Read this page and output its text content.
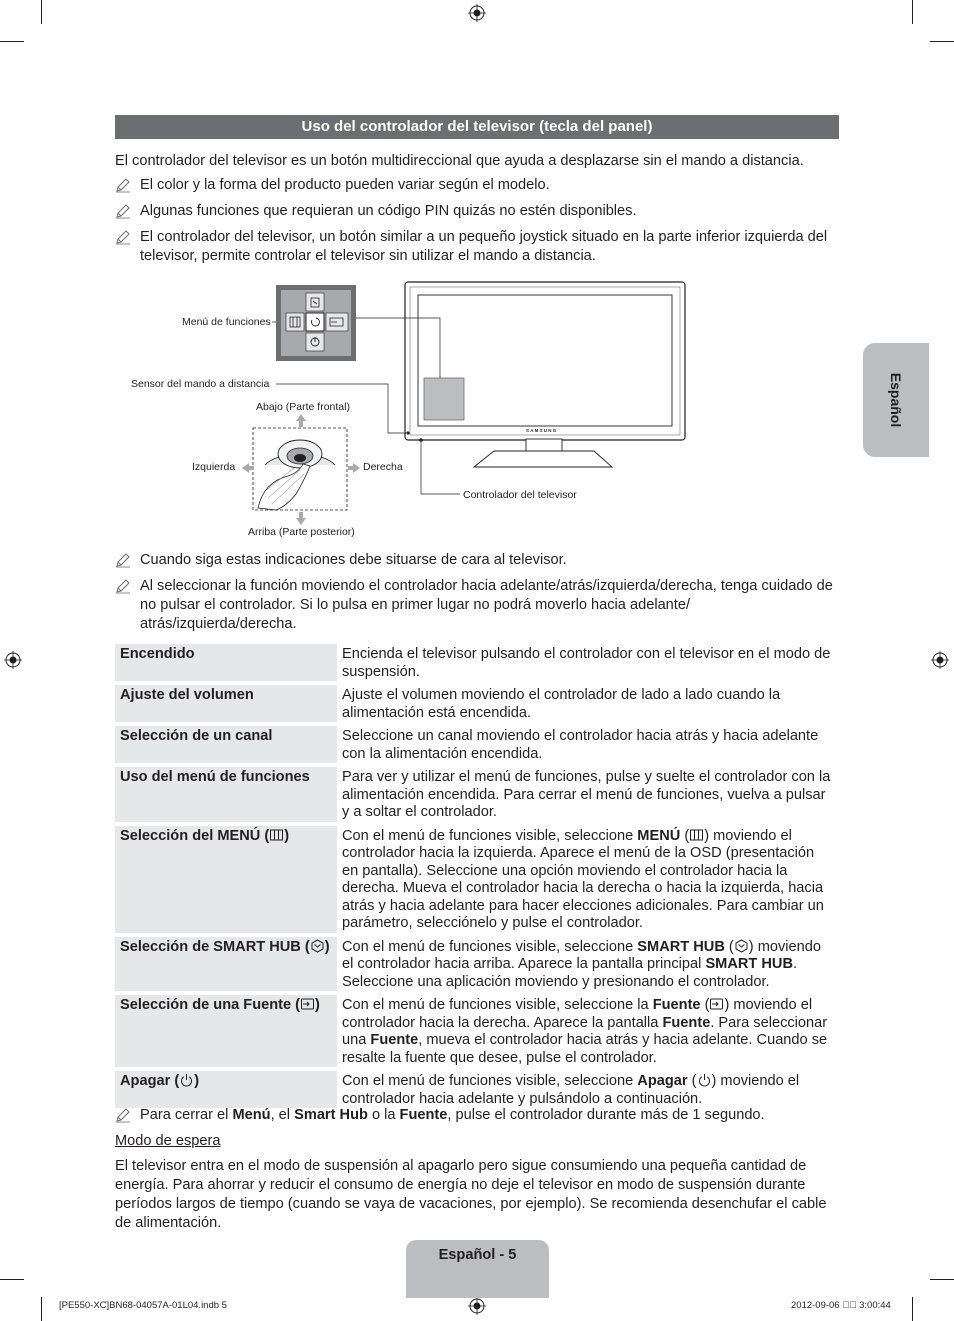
Uso del controlador del televisor (tecla del panel)
El controlador del televisor es un botón multidireccional que ayuda a desplazarse sin el mando a distancia.
El color y la forma del producto pueden variar según el modelo.
Algunas funciones que requieran un código PIN quizás no estén disponibles.
El controlador del televisor, un botón similar a un pequeño joystick situado en la parte inferior izquierda del televisor, permite controlar el televisor sin utilizar el mando a distancia.
Español
Menú de funciones
Sensor del mando a distancia
Abajo (Parte frontal)
Izquierda	Derecha
Arriba (Parte posterior)
Controlador del televisor
SAMSUNG
Cuando siga estas indicaciones debe situarse de cara al televisor.
Al seleccionar la función moviendo el controlador hacia adelante/atrás/izquierda/derecha, tenga cuidado de no pulsar el controlador. Si lo pulsa en primer lugar no podrá moverlo hacia adelante/ atrás/izquierda/derecha.
Encendido	Encienda el televisor pulsando el controlador con el televisor en el modo de suspensión.
Ajuste del volumen	Ajuste el volumen moviendo el controlador de lado a lado cuando la alimentación está encendida.
Selección de un canal	Seleccione un canal moviendo el controlador hacia atrás y hacia adelante con la alimentación encendida.
Uso del menú de funciones	Para ver y utilizar el menú de funciones, pulse y suelte el controlador con la alimentación encendida. Para cerrar el menú de funciones, vuelva a pulsar y a soltar el controlador.
Selección del MENÚ ( )	Con el menú de funciones visible, seleccione MENÚ ( ) moviendo el controlador hacia la izquierda. Aparece el menú de la OSD (presentación en pantalla). Seleccione una opción moviendo el controlador hacia la derecha. Mueva el controlador hacia la derecha o hacia la izquierda, hacia atrás y hacia adelante para hacer elecciones adicionales. Para cambiar un parámetro, selecciónelo y pulse el controlador.
Selección de SMART HUB ( )	Con el menú de funciones visible, seleccione SMART HUB ( ) moviendo el controlador hacia arriba. Aparece la pantalla principal SMART HUB. Seleccione una aplicación moviendo y presionando el controlador.
Selección de una Fuente ( )	Con el menú de funciones visible, seleccione la Fuente ( ) moviendo el controlador hacia la derecha. Aparece la pantalla Fuente. Para seleccionar una Fuente, mueva el controlador hacia atrás y hacia adelante. Cuando se resalte la fuente que desee, pulse el controlador.
Apagar ( )	Con el menú de funciones visible, seleccione Apagar ( ) moviendo el controlador hacia adelante y pulsándolo a continuación.
Para cerrar el Menú, el Smart Hub o la Fuente, pulse el controlador durante más de 1 segundo.
Modo de espera
El televisor entra en el modo de suspensión al apagarlo pero sigue consumiendo una pequeña cantidad de energía. Para ahorrar y reducir el consumo de energía no deje el televisor en modo de suspensión durante períodos largos de tiempo (cuando se vaya de vacaciones, por ejemplo). Se recomienda desenchufar el cable de alimentación.
Español - 5
[PE550-XC]BN68-04057A-01L04.indb 5	2012-09-06    3:00:44
